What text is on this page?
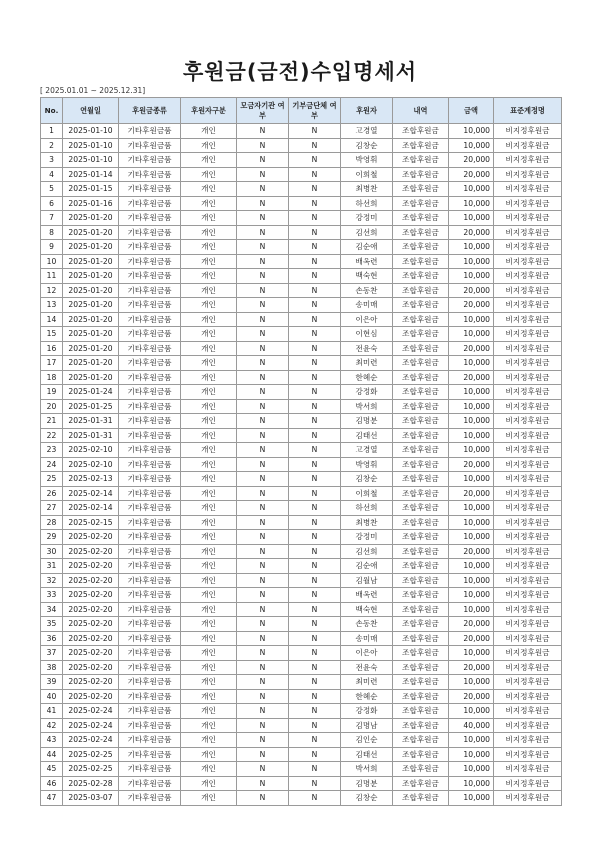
후원금(금전)수입명세서
[ 2025.01.01 ~ 2025.12.31]
No.	연월일	후원금종류	후원자구분	모금자기관 여부	기부금단체 여부	후원자	내역	금액	표준계정명
1	2025-01-10	기타후원금품	개인	N	N	고경열	조합후원금	10,000	비지정후원금
2	2025-01-10	기타후원금품	개인	N	N	김창순	조합후원금	10,000	비지정후원금
3	2025-01-10	기타후원금품	개인	N	N	박영휘	조합후원금	20,000	비지정후원금
4	2025-01-14	기타후원금품	개인	N	N	이희철	조합후원금	20,000	비지정후원금
5	2025-01-15	기타후원금품	개인	N	N	최병찬	조합후원금	10,000	비지정후원금
6	2025-01-16	기타후원금품	개인	N	N	하선희	조합후원금	10,000	비지정후원금
7	2025-01-20	기타후원금품	개인	N	N	강정미	조합후원금	10,000	비지정후원금
8	2025-01-20	기타후원금품	개인	N	N	김선희	조합후원금	20,000	비지정후원금
9	2025-01-20	기타후원금품	개인	N	N	김순애	조합후원금	10,000	비지정후원금
10	2025-01-20	기타후원금품	개인	N	N	배옥련	조합후원금	10,000	비지정후원금
11	2025-01-20	기타후원금품	개인	N	N	백숙현	조합후원금	10,000	비지정후원금
12	2025-01-20	기타후원금품	개인	N	N	손동찬	조합후원금	20,000	비지정후원금
13	2025-01-20	기타후원금품	개인	N	N	송미매	조합후원금	20,000	비지정후원금
14	2025-01-20	기타후원금품	개인	N	N	이은아	조합후원금	10,000	비지정후원금
15	2025-01-20	기타후원금품	개인	N	N	이현심	조합후원금	10,000	비지정후원금
16	2025-01-20	기타후원금품	개인	N	N	전윤숙	조합후원금	20,000	비지정후원금
17	2025-01-20	기타후원금품	개인	N	N	최미련	조합후원금	10,000	비지정후원금
18	2025-01-20	기타후원금품	개인	N	N	한혜순	조합후원금	20,000	비지정후원금
19	2025-01-24	기타후원금품	개인	N	N	강정화	조합후원금	10,000	비지정후원금
20	2025-01-25	기타후원금품	개인	N	N	박서희	조합후원금	10,000	비지정후원금
21	2025-01-31	기타후원금품	개인	N	N	김명분	조합후원금	10,000	비지정후원금
22	2025-01-31	기타후원금품	개인	N	N	김태선	조합후원금	10,000	비지정후원금
23	2025-02-10	기타후원금품	개인	N	N	고경열	조합후원금	10,000	비지정후원금
24	2025-02-10	기타후원금품	개인	N	N	박영휘	조합후원금	20,000	비지정후원금
25	2025-02-13	기타후원금품	개인	N	N	김창순	조합후원금	10,000	비지정후원금
26	2025-02-14	기타후원금품	개인	N	N	이희철	조합후원금	20,000	비지정후원금
27	2025-02-14	기타후원금품	개인	N	N	하선희	조합후원금	10,000	비지정후원금
28	2025-02-15	기타후원금품	개인	N	N	최병찬	조합후원금	10,000	비지정후원금
29	2025-02-20	기타후원금품	개인	N	N	강정미	조합후원금	10,000	비지정후원금
30	2025-02-20	기타후원금품	개인	N	N	김선희	조합후원금	20,000	비지정후원금
31	2025-02-20	기타후원금품	개인	N	N	김순애	조합후원금	10,000	비지정후원금
32	2025-02-20	기타후원금품	개인	N	N	김월남	조합후원금	10,000	비지정후원금
33	2025-02-20	기타후원금품	개인	N	N	배옥련	조합후원금	10,000	비지정후원금
34	2025-02-20	기타후원금품	개인	N	N	백숙현	조합후원금	10,000	비지정후원금
35	2025-02-20	기타후원금품	개인	N	N	손동찬	조합후원금	20,000	비지정후원금
36	2025-02-20	기타후원금품	개인	N	N	송미매	조합후원금	20,000	비지정후원금
37	2025-02-20	기타후원금품	개인	N	N	이은아	조합후원금	10,000	비지정후원금
38	2025-02-20	기타후원금품	개인	N	N	전윤숙	조합후원금	20,000	비지정후원금
39	2025-02-20	기타후원금품	개인	N	N	최미련	조합후원금	10,000	비지정후원금
40	2025-02-20	기타후원금품	개인	N	N	한혜순	조합후원금	20,000	비지정후원금
41	2025-02-24	기타후원금품	개인	N	N	강정화	조합후원금	10,000	비지정후원금
42	2025-02-24	기타후원금품	개인	N	N	김명남	조합후원금	40,000	비지정후원금
43	2025-02-24	기타후원금품	개인	N	N	김인순	조합후원금	10,000	비지정후원금
44	2025-02-25	기타후원금품	개인	N	N	김태선	조합후원금	10,000	비지정후원금
45	2025-02-25	기타후원금품	개인	N	N	박서희	조합후원금	10,000	비지정후원금
46	2025-02-28	기타후원금품	개인	N	N	김명분	조합후원금	10,000	비지정후원금
47	2025-03-07	기타후원금품	개인	N	N	김창순	조합후원금	10,000	비지정후원금
